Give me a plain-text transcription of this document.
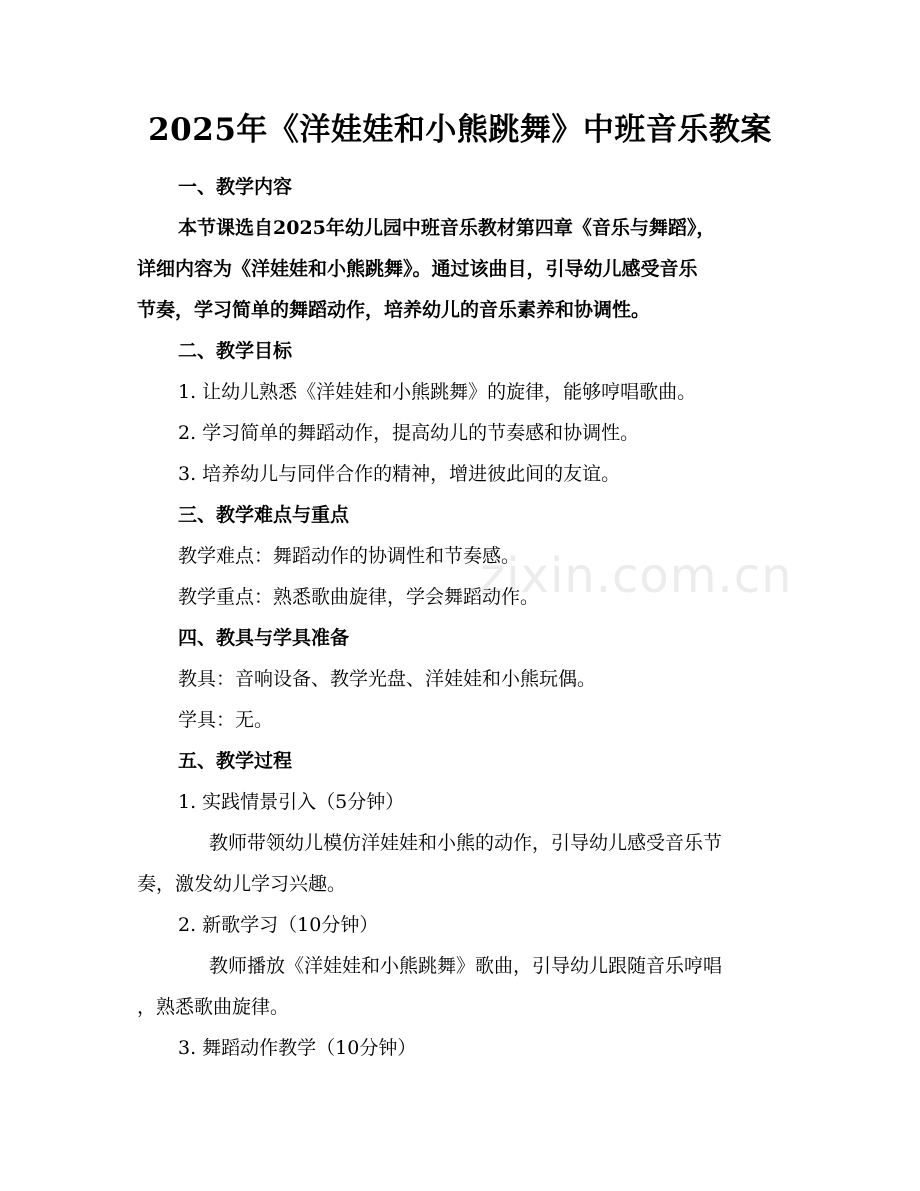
2025年《洋娃娃和小熊跳舞》中班音乐教案
一、教学内容
本节课选自2025年幼儿园中班音乐教材第四章《音乐与舞蹈》，
详细内容为《洋娃娃和小熊跳舞》。通过该曲目，引导幼儿感受音乐
节奏，学习简单的舞蹈动作，培养幼儿的音乐素养和协调性。
二、教学目标
1. 让幼儿熟悉《洋娃娃和小熊跳舞》的旋律，能够哼唱歌曲。
2. 学习简单的舞蹈动作，提高幼儿的节奏感和协调性。
3. 培养幼儿与同伴合作的精神，增进彼此间的友谊。
三、教学难点与重点
教学难点：舞蹈动作的协调性和节奏感。
教学重点：熟悉歌曲旋律，学会舞蹈动作。
四、教具与学具准备
教具：音响设备、教学光盘、洋娃娃和小熊玩偶。
学具：无。
五、教学过程
1. 实践情景引入（5分钟）
教师带领幼儿模仿洋娃娃和小熊的动作，引导幼儿感受音乐节
奏，激发幼儿学习兴趣。
2. 新歌学习（10分钟）
教师播放《洋娃娃和小熊跳舞》歌曲，引导幼儿跟随音乐哼唱
，熟悉歌曲旋律。
3. 舞蹈动作教学（10分钟）
zixin.com.cn
